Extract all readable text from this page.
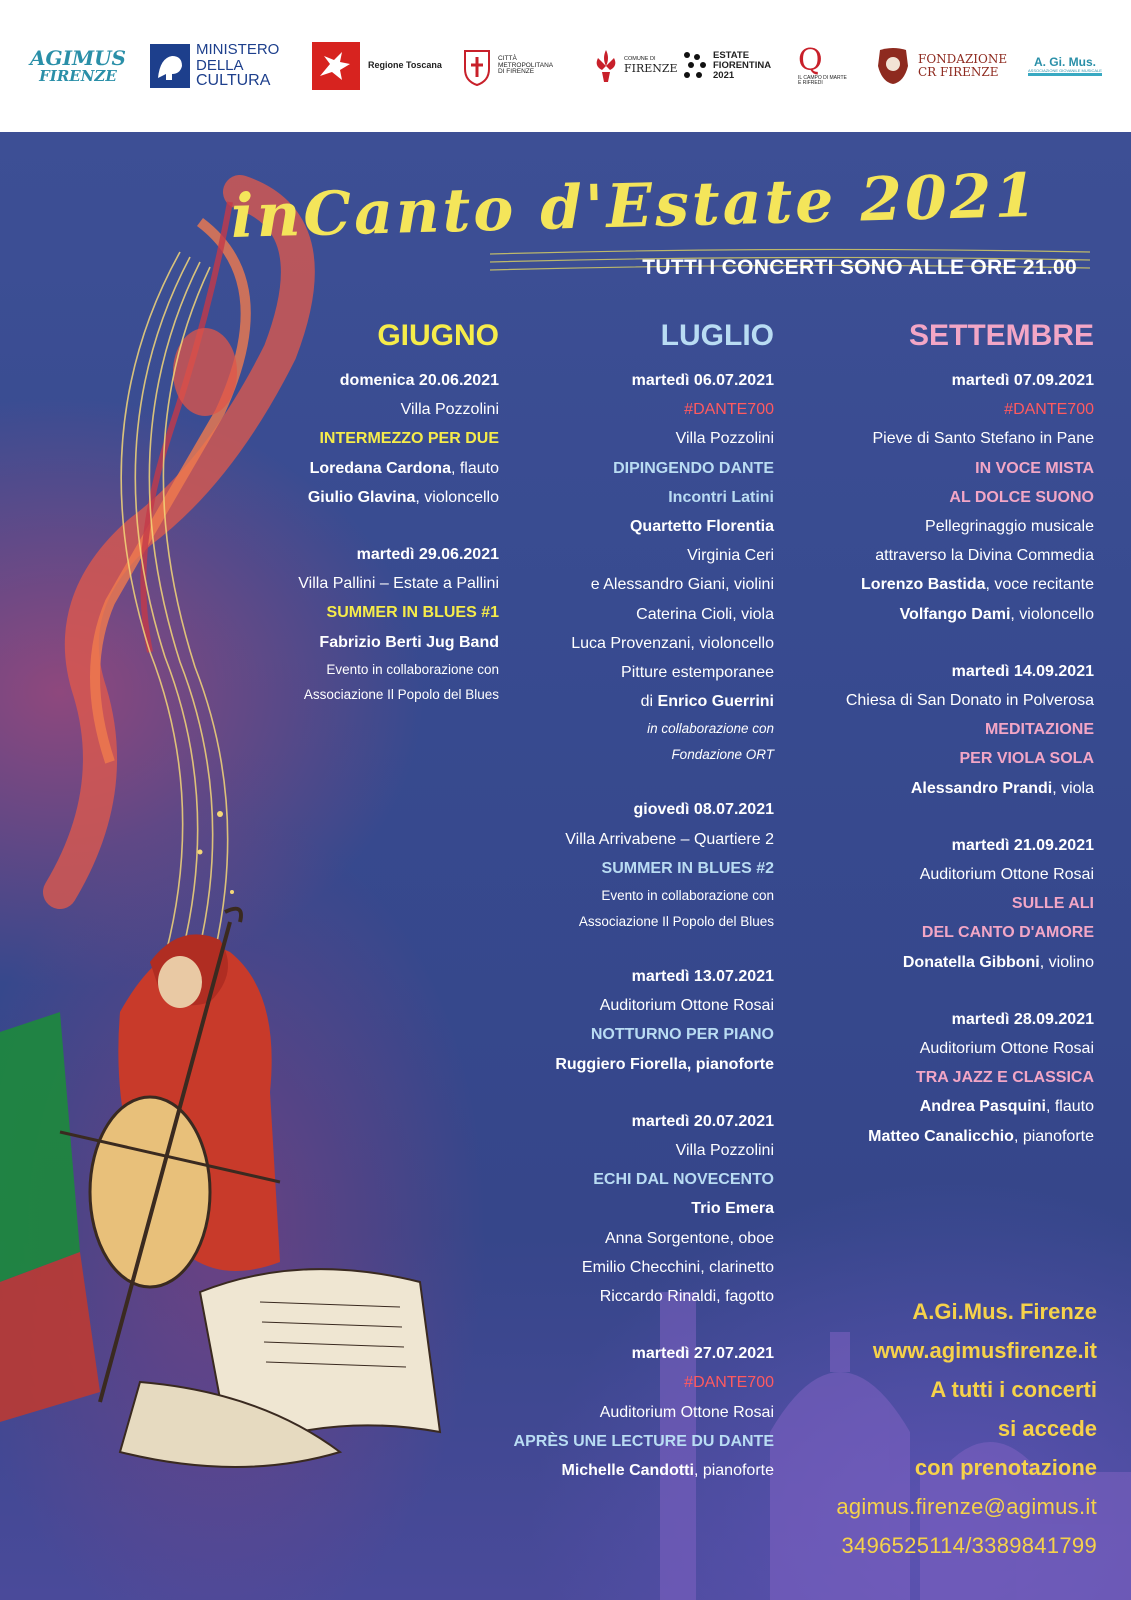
AGIMUS
FIRENZE
MINISTERO
DELLA
CULTURA
Regione Toscana
CITTÀ
METROPOLITANA
DI FIRENZE
COMUNE DI
FIRENZE
ESTATE
FIORENTINA
2021	Q
IL CAMPO DI MARTE
E RIFREDI
FONDAZIONE
CR FIRENZE
A. Gi. Mus.
ASSOCIAZIONE GIOVANILE MUSICALE
inCanto d'Estate 2021
TUTTI I CONCERTI SONO ALLE ORE 21.00
GIUGNO
domenica 20.06.2021
Villa Pozzolini
INTERMEZZO PER DUE
Loredana Cardona, flauto
Giulio Glavina, violoncello
martedì 29.06.2021
Villa Pallini – Estate a Pallini
SUMMER IN BLUES #1
Fabrizio Berti Jug Band
Evento in collaborazione con
Associazione Il Popolo del Blues
LUGLIO
martedì 06.07.2021
#DANTE700
Villa Pozzolini
DIPINGENDO DANTE
Incontri Latini
Quartetto Florentia
Virginia Ceri
e Alessandro Giani, violini
Caterina Cioli, viola
Luca Provenzani, violoncello
Pitture estemporanee
di Enrico Guerrini
in collaborazione con
Fondazione ORT
giovedì 08.07.2021
Villa Arrivabene – Quartiere 2
SUMMER IN BLUES #2
Evento in collaborazione con
Associazione Il Popolo del Blues
martedì 13.07.2021
Auditorium Ottone Rosai
NOTTURNO PER PIANO
Ruggiero Fiorella, pianoforte
martedì 20.07.2021
Villa Pozzolini
ECHI DAL NOVECENTO
Trio Emera
Anna Sorgentone, oboe
Emilio Checchini, clarinetto
Riccardo Rinaldi, fagotto
martedì 27.07.2021
#DANTE700
Auditorium Ottone Rosai
APRÈS UNE LECTURE DU DANTE
Michelle Candotti, pianoforte
SETTEMBRE
martedì 07.09.2021
#DANTE700
Pieve di Santo Stefano in Pane
IN VOCE MISTA
AL DOLCE SUONO
Pellegrinaggio musicale
attraverso la Divina Commedia
Lorenzo Bastida, voce recitante
Volfango Dami, violoncello
martedì 14.09.2021
Chiesa di San Donato in Polverosa
MEDITAZIONE
PER VIOLA SOLA
Alessandro Prandi, viola
martedì 21.09.2021
Auditorium Ottone Rosai
SULLE ALI
DEL CANTO D'AMORE
Donatella Gibboni, violino
martedì 28.09.2021
Auditorium Ottone Rosai
TRA JAZZ E CLASSICA
Andrea Pasquini, flauto
Matteo Canalicchio, pianoforte
A.Gi.Mus. Firenze
www.agimusfirenze.it
A tutti i concerti
si accede
con prenotazione
agimus.firenze@agimus.it
3496525114/3389841799
